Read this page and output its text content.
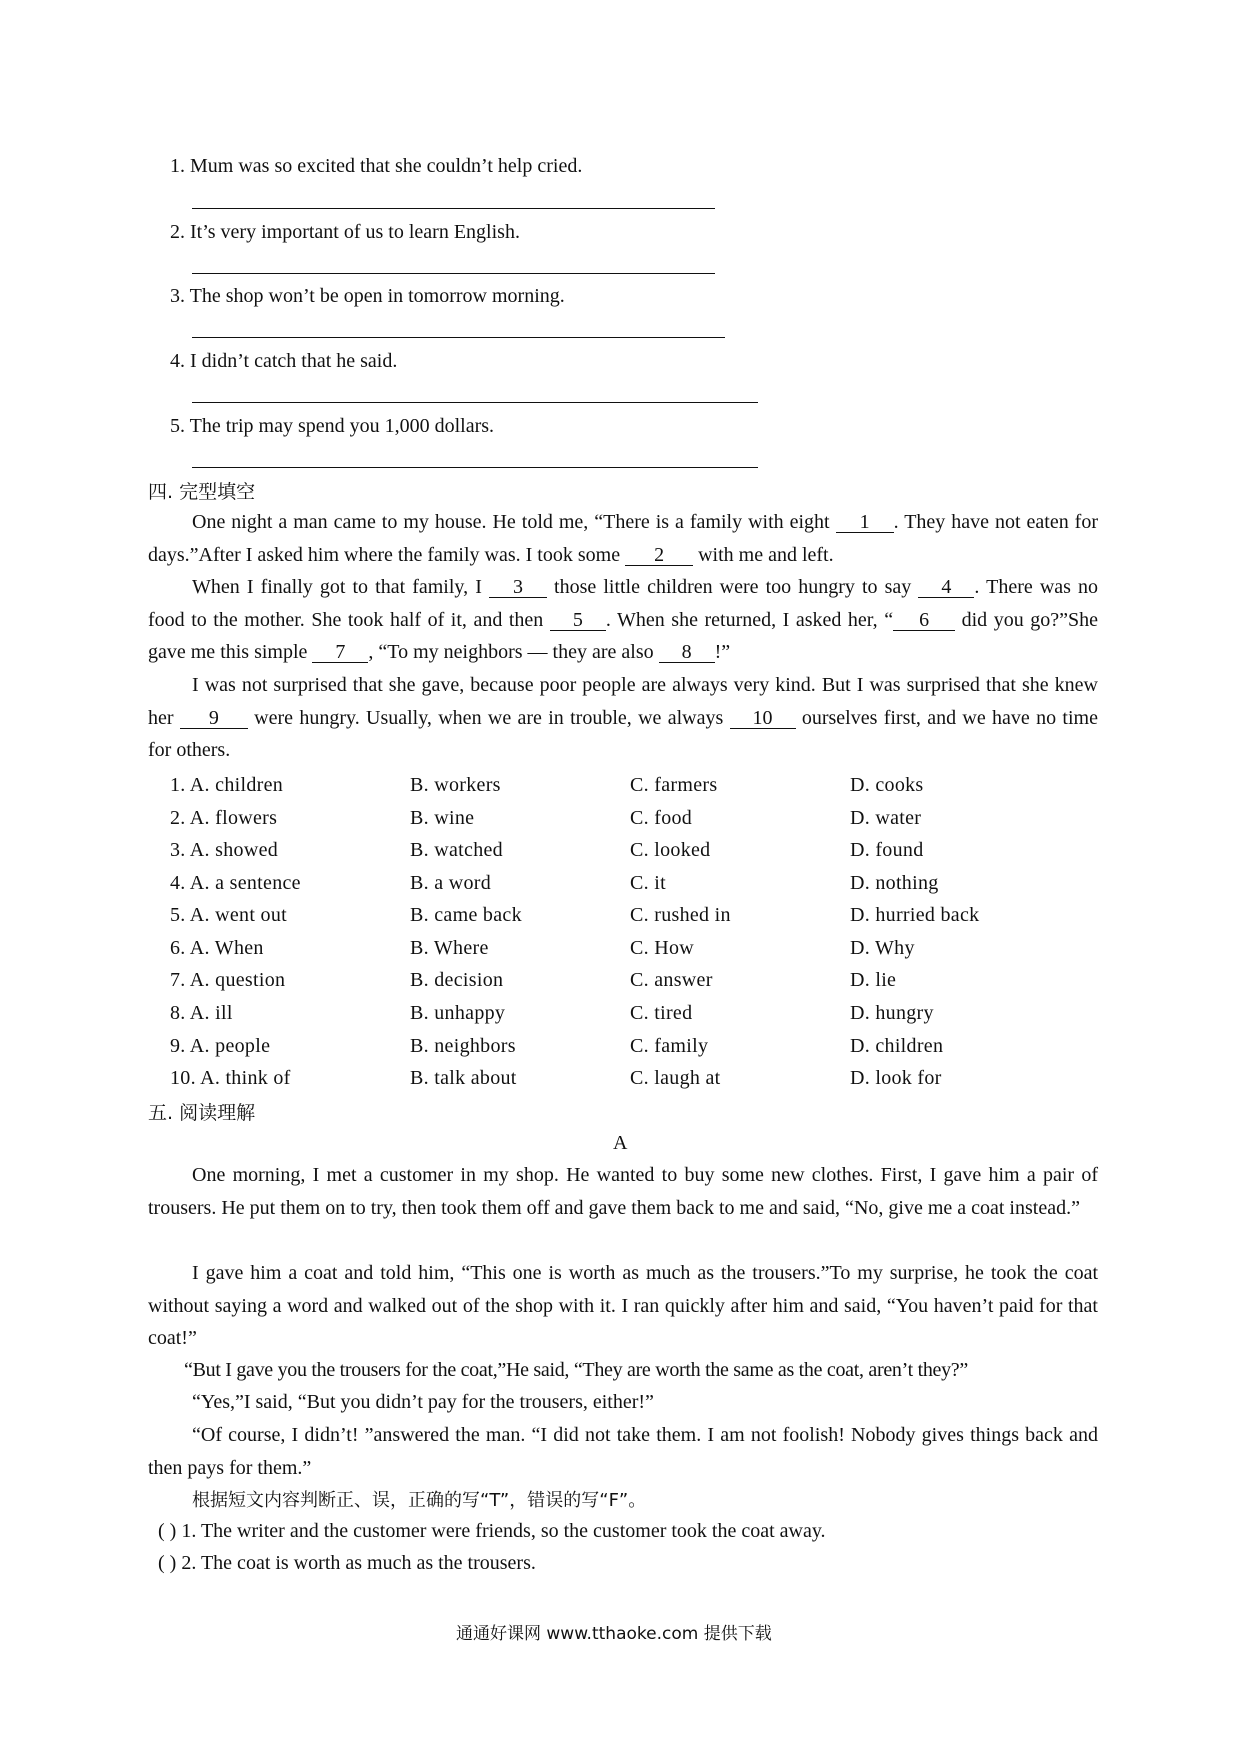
1. Mum was so excited that she couldn’t help cried.
2. It’s very important of us to learn English.
3. The shop won’t be open in tomorrow morning.
4. I didn’t catch that he said.
5. The trip may spend you 1,000 dollars.
四. 完型填空
One night a man came to my house. He told me, “There is a family with eight 1 . They have not eaten for days.”After I asked him where the family was. I took some 2 with me and left.
When I finally got to that family, I 3 those little children were too hungry to say 4 . There was no food to the mother. She took half of it, and then 5 . When she returned, I asked her, “ 6 did you go?”She gave me this simple 7 , “To my neighbors — they are also 8 !”
I was not surprised that she gave, because poor people are always very kind. But I was surprised that she knew her 9 were hungry. Usually, when we are in trouble, we always 10 ourselves first, and we have no time for others.
1. A. children	B. workers	C. farmers	D. cooks
2. A. flowers	B. wine	C. food	D. water
3. A. showed	B. watched	C. looked	D. found
4. A. a sentence	B. a word	C. it	D. nothing
5. A. went out	B. came back	C. rushed in	D. hurried back
6. A. When	B. Where	C. How	D. Why
7. A. question	B. decision	C. answer	D. lie
8. A. ill	B. unhappy	C. tired	D. hungry
9. A. people	B. neighbors	C. family	D. children
10. A. think of	B. talk about	C. laugh at	D. look for
五. 阅读理解
A
One morning, I met a customer in my shop. He wanted to buy some new clothes. First, I gave him a pair of trousers. He put them on to try, then took them off and gave them back to me and said, “No, give me a coat instead.”
I gave him a coat and told him, “This one is worth as much as the trousers.”To my surprise, he took the coat without saying a word and walked out of the shop with it. I ran quickly after him and said, “You haven’t paid for that coat!”
“But I gave you the trousers for the coat,”He said, “They are worth the same as the coat, aren’t they?”
“Yes,”I said, “But you didn’t pay for the trousers, either!”
“Of course, I didn’t! ”answered the man. “I did not take them. I am not foolish! Nobody gives things back and then pays for them.”
根据短文内容判断正、误，正确的写“T”，错误的写“F”。
( ) 1. The writer and the customer were friends, so the customer took the coat away.
( ) 2. The coat is worth as much as the trousers.
通通好课网 www.tthaoke.com 提供下载
